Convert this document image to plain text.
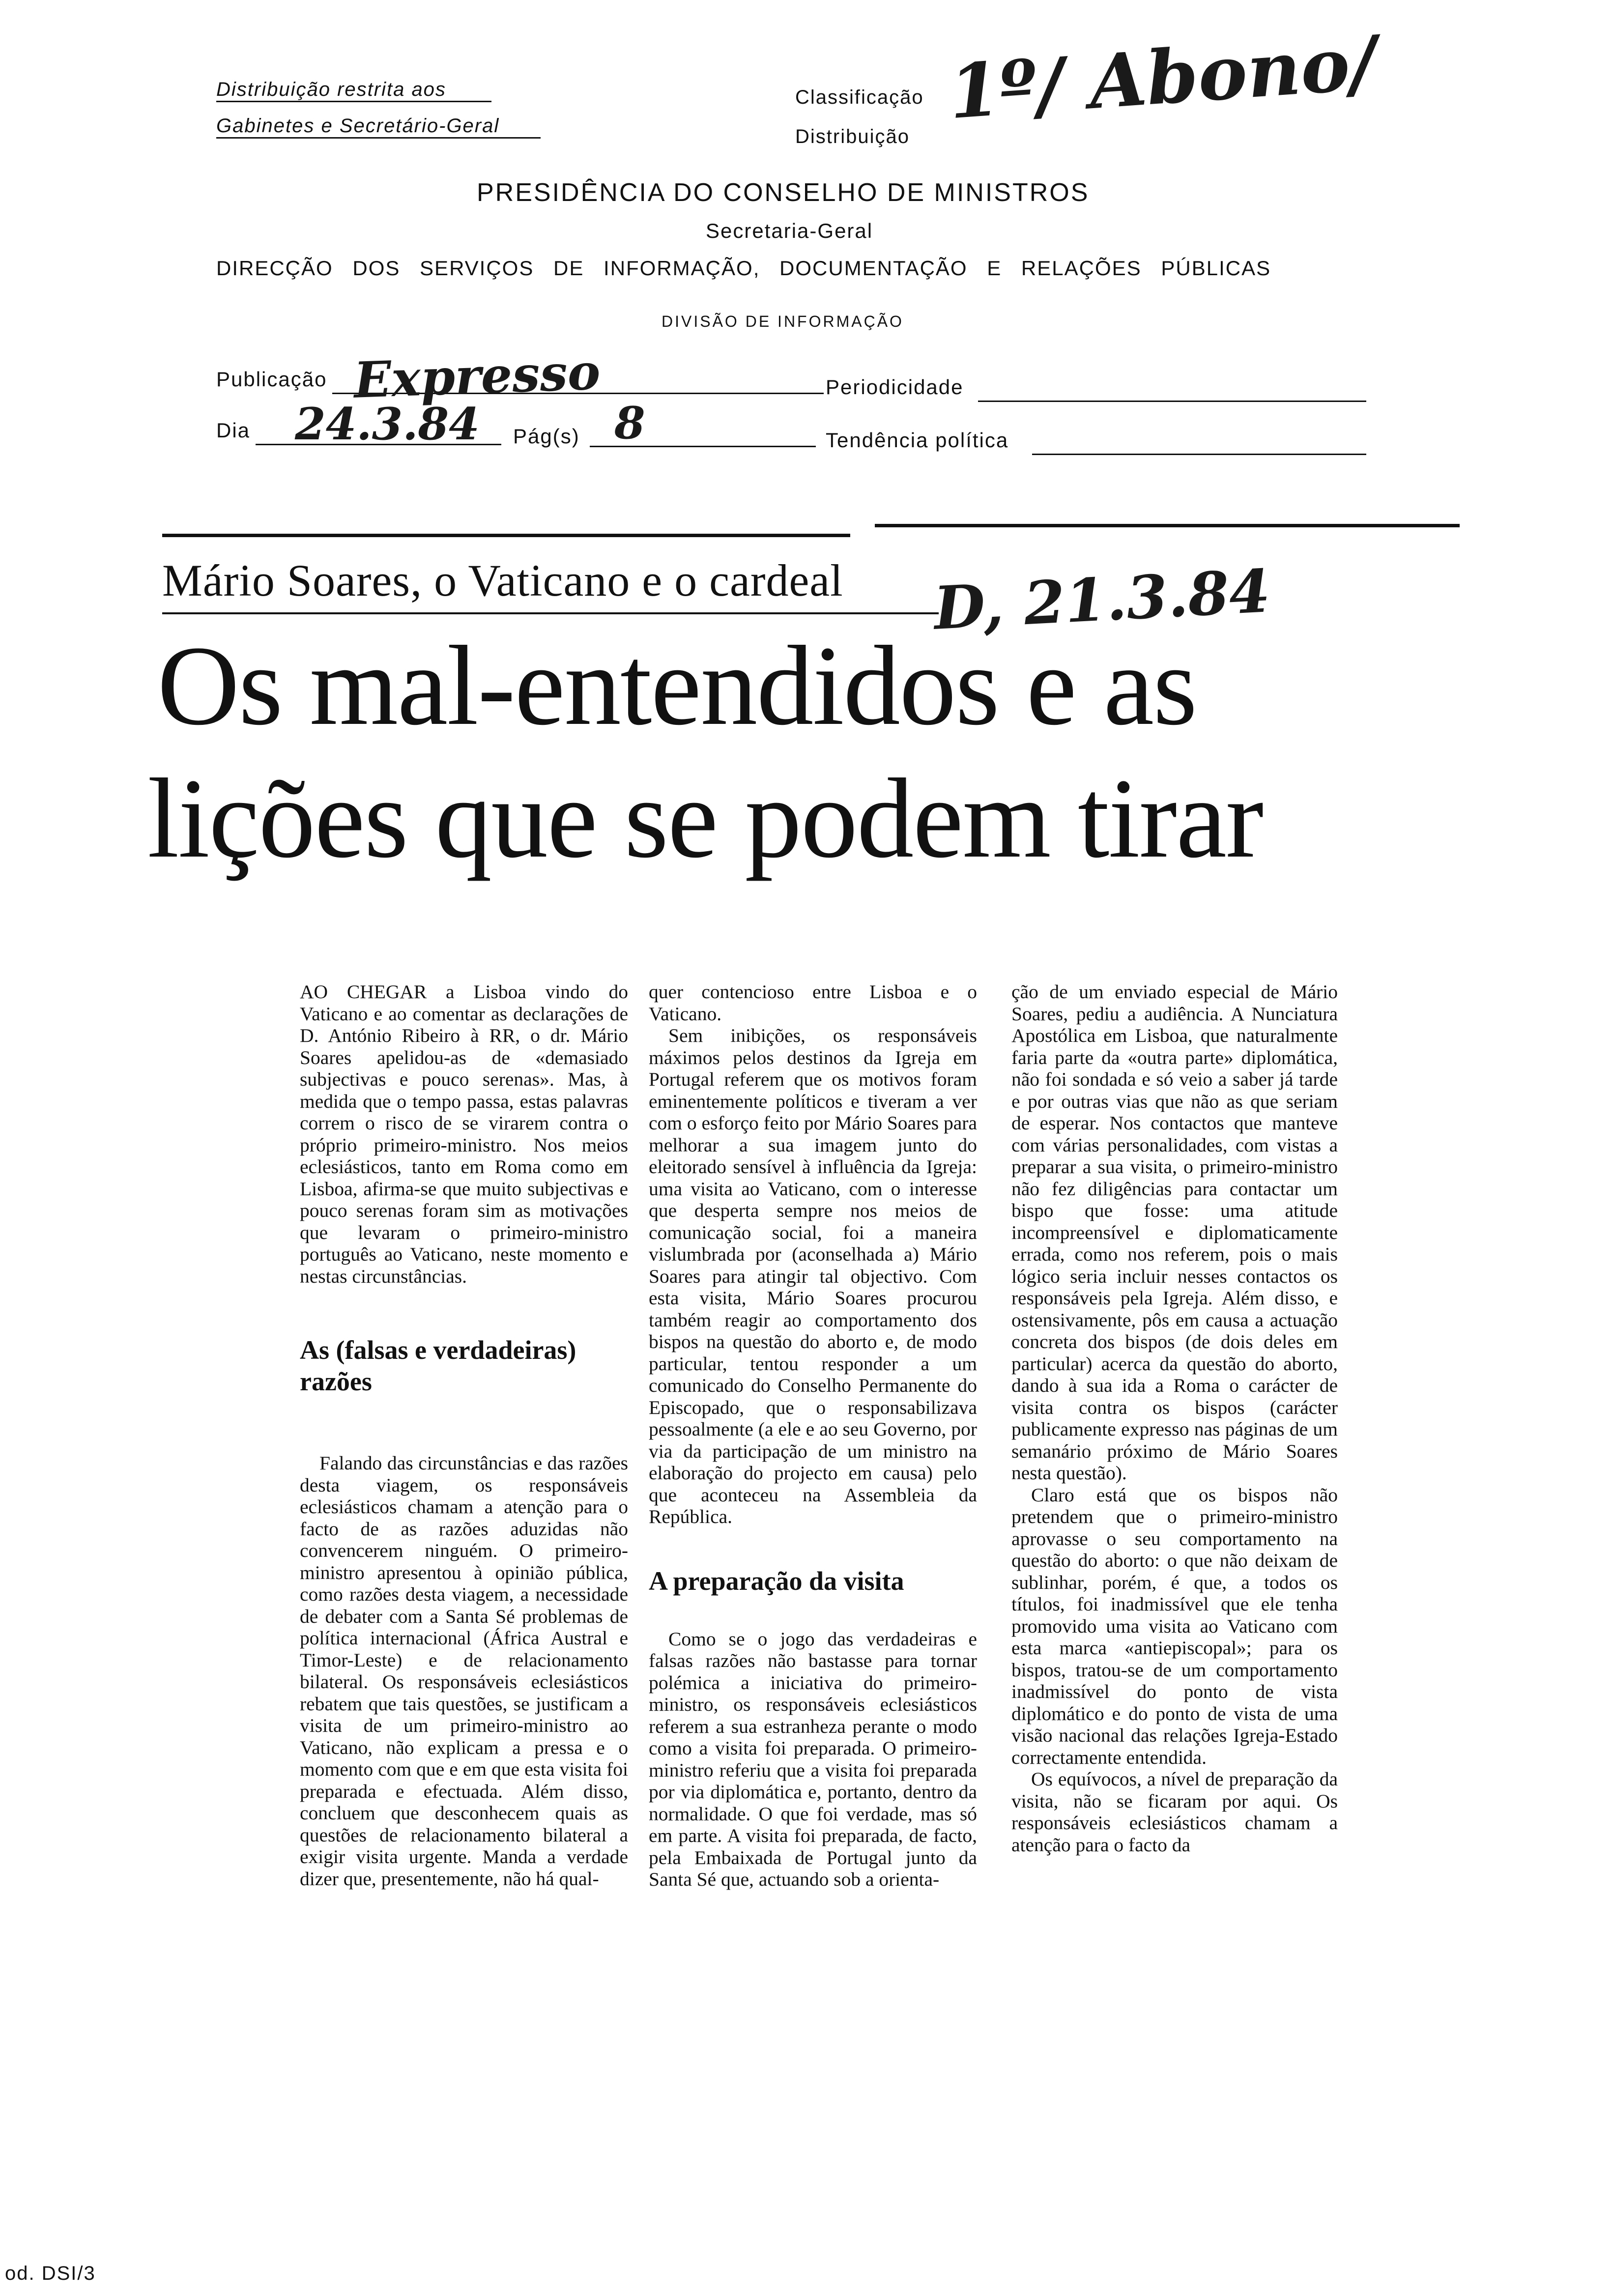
Distribuição restrita aos
Gabinetes e Secretário-Geral
Classificação
Distribuição
1º/ Abono/
PRESIDÊNCIA DO CONSELHO DE MINISTROS
Secretaria-Geral
DIRECÇÃO DOS SERVIÇOS DE INFORMAÇÃO, DOCUMENTAÇÃO E RELAÇÕES PÚBLICAS
DIVISÃO DE INFORMAÇÃO
Publicação Expresso	Periodicidade
Dia 24.3.84 Pág(s) 8	Tendência política
Mário Soares, o Vaticano e o cardeal D, 21.3.84
Os mal-entendidos e as
lições que se podem tirar

AO CHEGAR a Lisboa vindo do Vaticano e ao comentar as declarações de D. António Ribeiro à RR, o dr. Mário Soares apelidou-as de «demasiado subjectivas e pouco serenas». Mas, à medida que o tempo passa, estas palavras correm o risco de se virarem contra o próprio primeiro-ministro. Nos meios eclesiásticos, tanto em Roma como em Lisboa, afirma-se que muito subjectivas e pouco serenas foram sim as motivações que levaram o primeiro-ministro português ao Vaticano, neste momento e nestas circunstâncias.

As (falsas e verdadeiras) razões

Falando das circunstâncias e das razões desta viagem, os responsáveis eclesiásticos chamam a atenção para o facto de as razões aduzidas não convencerem ninguém. O primeiro-ministro apresentou à opinião pública, como razões desta viagem, a necessidade de debater com a Santa Sé problemas de política internacional (África Austral e Timor-Leste) e de relacionamento bilateral. Os responsáveis eclesiásticos rebatem que tais questões, se justificam a visita de um primeiro-ministro ao Vaticano, não explicam a pressa e o momento com que e em que esta visita foi preparada e efectuada. Além disso, concluem que desconhecem quais as questões de relacionamento bilateral a exigir visita urgente. Manda a verdade dizer que, presentemente, não há qual-

quer contencioso entre Lisboa e o Vaticano.

Sem inibições, os responsáveis máximos pelos destinos da Igreja em Portugal referem que os motivos foram eminentemente políticos e tiveram a ver com o esforço feito por Mário Soares para melhorar a sua imagem junto do eleitorado sensível à influência da Igreja: uma visita ao Vaticano, com o interesse que desperta sempre nos meios de comunicação social, foi a maneira vislumbrada por (aconselhada a) Mário Soares para atingir tal objectivo. Com esta visita, Mário Soares procurou também reagir ao comportamento dos bispos na questão do aborto e, de modo particular, tentou responder a um comunicado do Conselho Permanente do Episcopado, que o responsabilizava pessoalmente (a ele e ao seu Governo, por via da participação de um ministro na elaboração do projecto em causa) pelo que aconteceu na Assembleia da República.

A preparação da visita

Como se o jogo das verdadeiras e falsas razões não bastasse para tornar polémica a iniciativa do primeiro-ministro, os responsáveis eclesiásticos referem a sua estranheza perante o modo como a visita foi preparada. O primeiro-ministro referiu que a visita foi preparada por via diplomática e, portanto, dentro da normalidade. O que foi verdade, mas só em parte. A visita foi preparada, de facto, pela Embaixada de Portugal junto da Santa Sé que, actuando sob a orienta-

ção de um enviado especial de Mário Soares, pediu a audiência. A Nunciatura Apostólica em Lisboa, que naturalmente faria parte da «outra parte» diplomática, não foi sondada e só veio a saber já tarde e por outras vias que não as que seriam de esperar. Nos contactos que manteve com várias personalidades, com vistas a preparar a sua visita, o primeiro-ministro não fez diligências para contactar um bispo que fosse: uma atitude incompreensível e diplomaticamente errada, como nos referem, pois o mais lógico seria incluir nesses contactos os responsáveis pela Igreja. Além disso, e ostensivamente, pôs em causa a actuação concreta dos bispos (de dois deles em particular) acerca da questão do aborto, dando à sua ida a Roma o carácter de visita contra os bispos (carácter publicamente expresso nas páginas de um semanário próximo de Mário Soares nesta questão).

Claro está que os bispos não pretendem que o primeiro-ministro aprovasse o seu comportamento na questão do aborto: o que não deixam de sublinhar, porém, é que, a todos os títulos, foi inadmissível que ele tenha promovido uma visita ao Vaticano com esta marca «antiepiscopal»; para os bispos, tratou-se de um comportamento inadmissível do ponto de vista diplomático e do ponto de vista de uma visão nacional das relações Igreja-Estado correctamente entendida.

Os equívocos, a nível de preparação da visita, não se ficaram por aqui. Os responsáveis eclesiásticos chamam a atenção para o facto da

od. DSI/3
